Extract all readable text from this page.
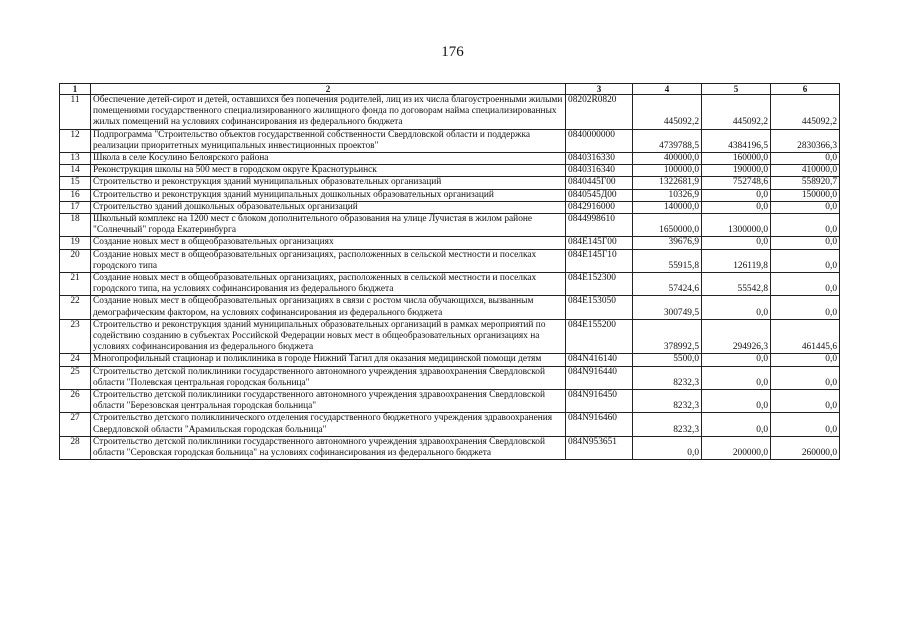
176
1	2	3	4	5	6
11	Обеспечение детей-сирот и детей, оставшихся без попечения родителей, лиц из их числа благоустроенными жилыми помещениями государственного специализированного жилищного фонда по договорам найма специализированных жилых помещений на условиях софинансирования из федерального бюджета	08202R0820	445092,2	445092,2	445092,2
12	Подпрограмма "Строительство объектов государственной собственности Свердловской области и поддержка реализации приоритетных муниципальных инвестиционных проектов"	0840000000	4739788,5	4384196,5	2830366,3
13	Школа в селе Косулино Белоярского района	0840316330	400000,0	160000,0	0,0
14	Реконструкция школы на 500 мест в городском округе Краснотурьинск	0840316340	100000,0	190000,0	410000,0
15	Строительство и реконструкция зданий муниципальных образовательных организаций	0840445Г00	1322681,9	752748,6	558920,7
16	Строительство и реконструкция зданий муниципальных дошкольных образовательных организаций	0840545Д00	10326,9	0,0	150000,0
17	Строительство зданий дошкольных образовательных организаций	0842916000	140000,0	0,0	0,0
18	Школьный комплекс на 1200 мест с блоком дополнительного образования на улице Лучистая в жилом районе "Солнечный" города Екатеринбурга	0844998610	1650000,0	1300000,0	0,0
19	Создание новых мест в общеобразовательных организациях	084E145Г00	39676,9	0,0	0,0
20	Создание новых мест в общеобразовательных организациях, расположенных в сельской местности и поселках городского типа	084E145Г10	55915,8	126119,8	0,0
21	Создание новых мест в общеобразовательных организациях, расположенных в сельской местности и поселках городского типа, на условиях софинансирования из федерального бюджета	084E152300	57424,6	55542,8	0,0
22	Создание новых мест в общеобразовательных организациях в связи с ростом числа обучающихся, вызванным демографическим фактором, на условиях софинансирования из федерального бюджета	084E153050	300749,5	0,0	0,0
23	Строительство и реконструкция зданий муниципальных образовательных организаций в рамках мероприятий по содействию созданию в субъектах Российской Федерации новых мест в общеобразовательных организациях на условиях софинансирования из федерального бюджета	084E155200	378992,5	294926,3	461445,6
24	Многопрофильный стационар и поликлиника в городе Нижний Тагил для оказания медицинской помощи детям	084N416140	5500,0	0,0	0,0
25	Строительство детской поликлиники государственного автономного учреждения здравоохранения Свердловской области "Полевская центральная городская больница"	084N916440	8232,3	0,0	0,0
26	Строительство детской поликлиники государственного автономного учреждения здравоохранения Свердловской области "Березовская центральная городская больница"	084N916450	8232,3	0,0	0,0
27	Строительство детского поликлинического отделения государственного бюджетного учреждения здравоохранения Свердловской области "Арамильская городская больница"	084N916460	8232,3	0,0	0,0
28	Строительство детской поликлиники государственного автономного учреждения здравоохранения Свердловской области "Серовская городская больница" на условиях софинансирования из федерального бюджета	084N953651	0,0	200000,0	260000,0
